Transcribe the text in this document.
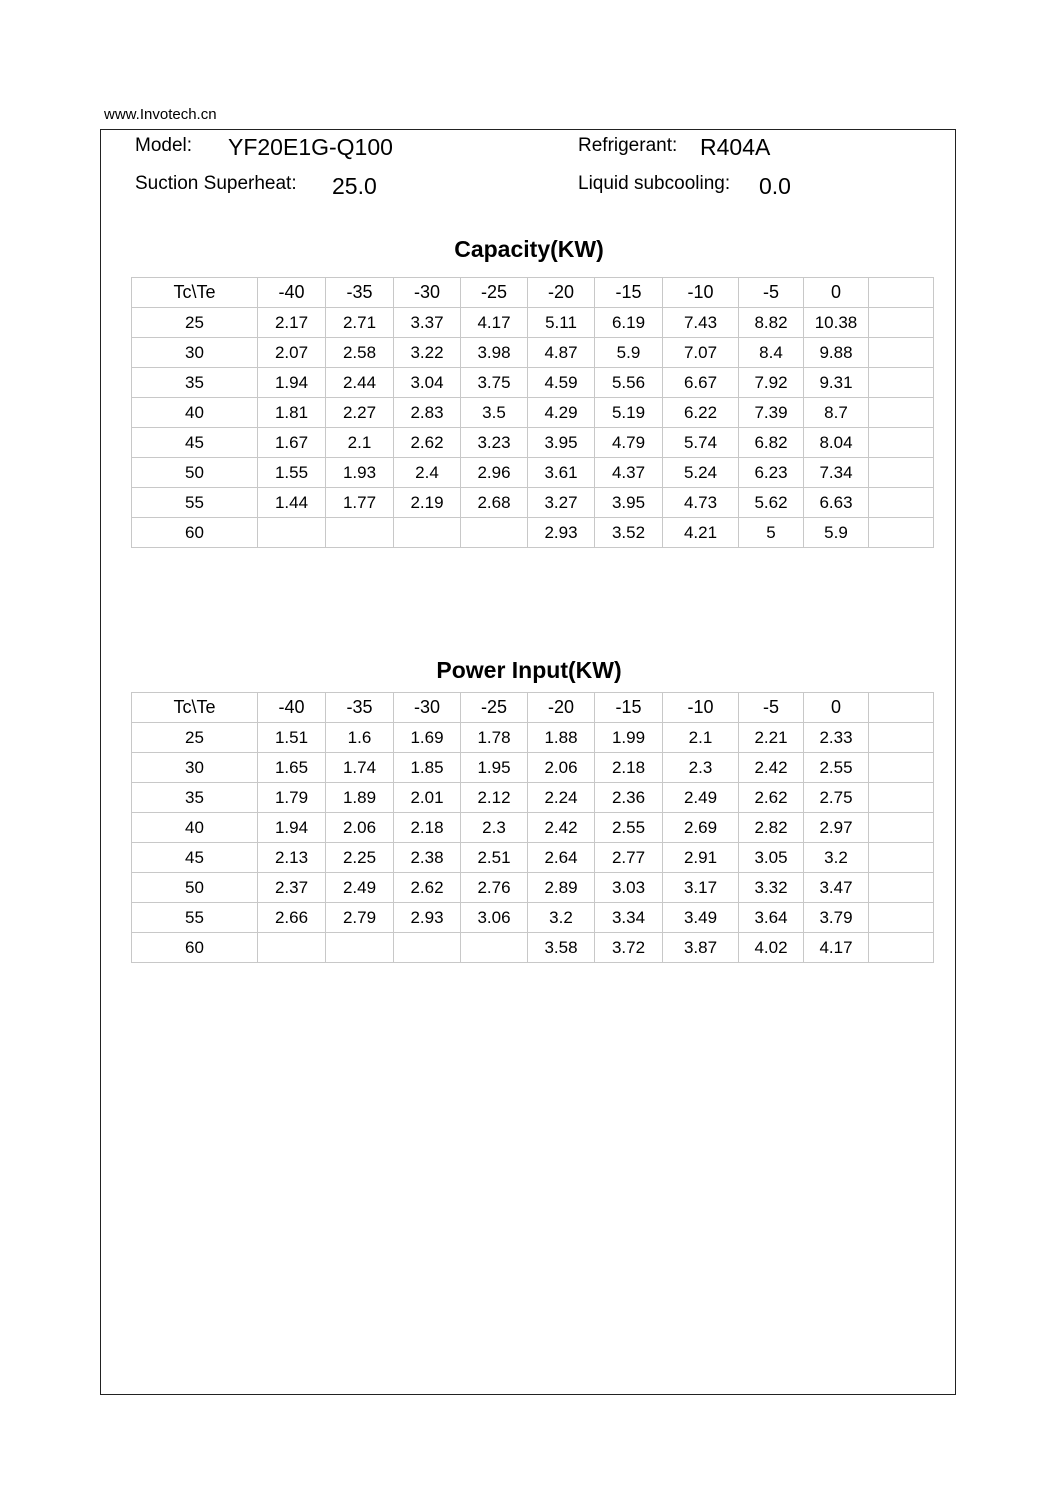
www.Invotech.cn
Model: YF20E1G-Q100	Refrigerant: R404A
Suction Superheat: 25.0	Liquid subcooling: 0.0
Capacity(KW)
Tc\Te	-40	-35	-30	-25	-20	-15	-10	-5	0	
25	2.17	2.71	3.37	4.17	5.11	6.19	7.43	8.82	10.38	
30	2.07	2.58	3.22	3.98	4.87	5.9	7.07	8.4	9.88	
35	1.94	2.44	3.04	3.75	4.59	5.56	6.67	7.92	9.31	
40	1.81	2.27	2.83	3.5	4.29	5.19	6.22	7.39	8.7	
45	1.67	2.1	2.62	3.23	3.95	4.79	5.74	6.82	8.04	
50	1.55	1.93	2.4	2.96	3.61	4.37	5.24	6.23	7.34	
55	1.44	1.77	2.19	2.68	3.27	3.95	4.73	5.62	6.63	
60					2.93	3.52	4.21	5	5.9	
Power Input(KW)
Tc\Te	-40	-35	-30	-25	-20	-15	-10	-5	0	
25	1.51	1.6	1.69	1.78	1.88	1.99	2.1	2.21	2.33	
30	1.65	1.74	1.85	1.95	2.06	2.18	2.3	2.42	2.55	
35	1.79	1.89	2.01	2.12	2.24	2.36	2.49	2.62	2.75	
40	1.94	2.06	2.18	2.3	2.42	2.55	2.69	2.82	2.97	
45	2.13	2.25	2.38	2.51	2.64	2.77	2.91	3.05	3.2	
50	2.37	2.49	2.62	2.76	2.89	3.03	3.17	3.32	3.47	
55	2.66	2.79	2.93	3.06	3.2	3.34	3.49	3.64	3.79	
60					3.58	3.72	3.87	4.02	4.17	
